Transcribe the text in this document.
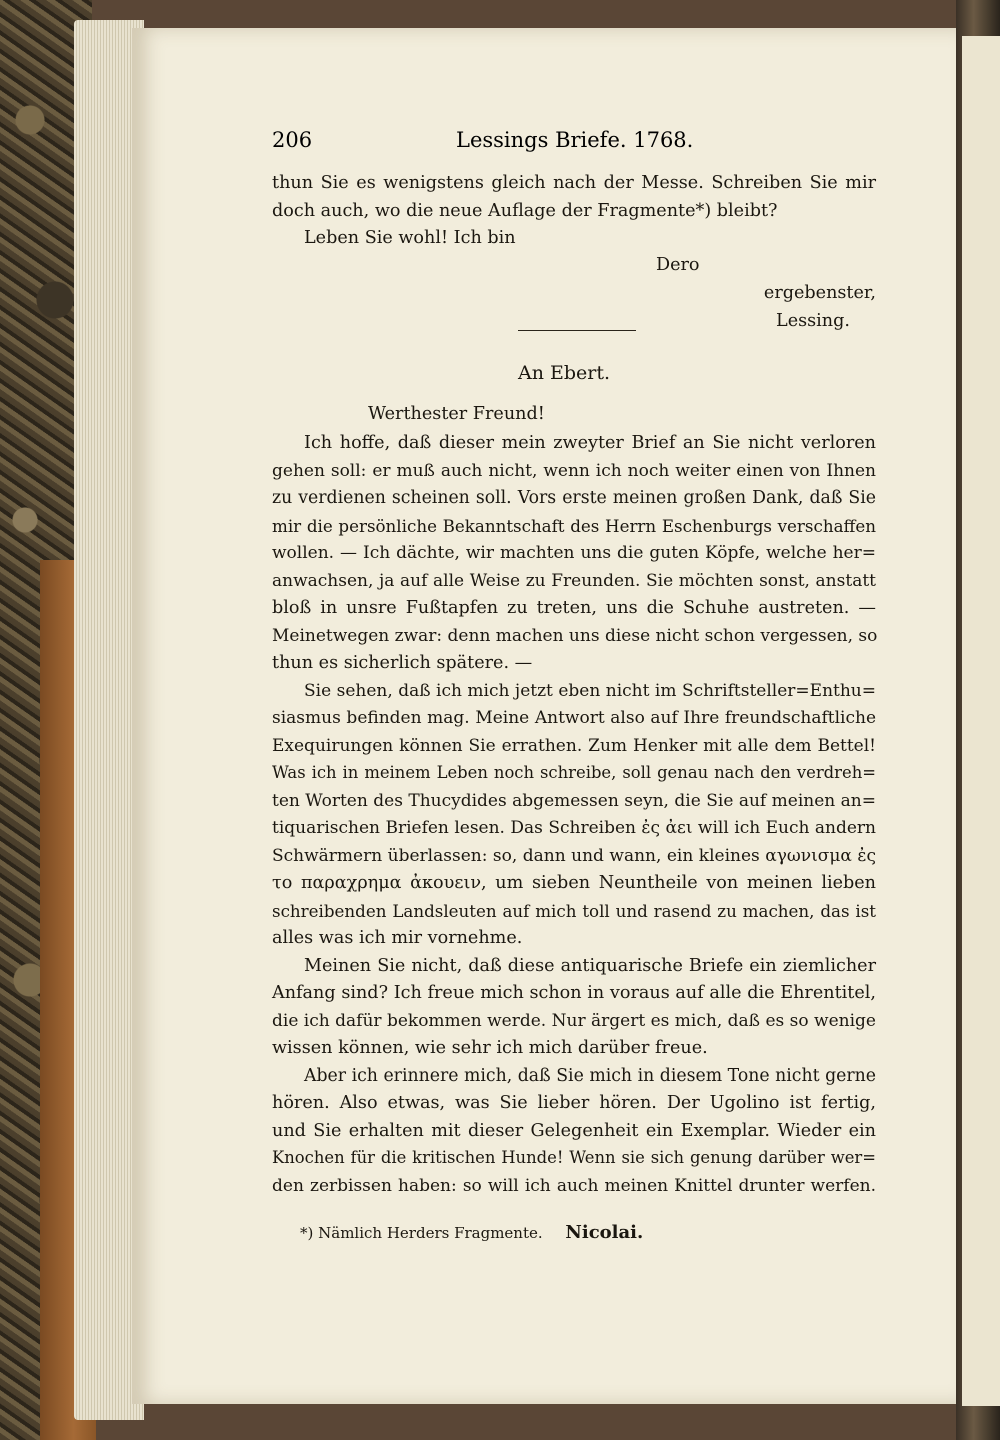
206	Lessings Briefe. 1768.
thun Sie es wenigstens gleich nach der Messe. Schreiben Sie mir
doch auch, wo die neue Auflage der Fragmente*) bleibt?
Leben Sie wohl! Ich bin
Dero
ergebenster,
Lessing.
An Ebert.
Werthester Freund!
Ich hoffe, daß dieser mein zweyter Brief an Sie nicht verloren
gehen soll: er muß auch nicht, wenn ich noch weiter einen von Ihnen
zu verdienen scheinen soll. Vors erste meinen großen Dank, daß Sie
mir die persönliche Bekanntschaft des Herrn Eschenburgs verschaffen
wollen. — Ich dächte, wir machten uns die guten Köpfe, welche her=
anwachsen, ja auf alle Weise zu Freunden. Sie möchten sonst, anstatt
bloß in unsre Fußtapfen zu treten, uns die Schuhe austreten. —
Meinetwegen zwar: denn machen uns diese nicht schon vergessen, so
thun es sicherlich spätere. —
Sie sehen, daß ich mich jetzt eben nicht im Schriftsteller=Enthu=
siasmus befinden mag. Meine Antwort also auf Ihre freundschaftliche
Exequirungen können Sie errathen. Zum Henker mit alle dem Bettel!
Was ich in meinem Leben noch schreibe, soll genau nach den verdreh=
ten Worten des Thucydides abgemessen seyn, die Sie auf meinen an=
tiquarischen Briefen lesen. Das Schreiben ἐς ἀει will ich Euch andern
Schwärmern überlassen: so, dann und wann, ein kleines αγωνισμα ἐς
το παραχρημα ἀκουειν, um sieben Neuntheile von meinen lieben
schreibenden Landsleuten auf mich toll und rasend zu machen, das ist
alles was ich mir vornehme.
Meinen Sie nicht, daß diese antiquarische Briefe ein ziemlicher
Anfang sind? Ich freue mich schon in voraus auf alle die Ehrentitel,
die ich dafür bekommen werde. Nur ärgert es mich, daß es so wenige
wissen können, wie sehr ich mich darüber freue.
Aber ich erinnere mich, daß Sie mich in diesem Tone nicht gerne
hören. Also etwas, was Sie lieber hören. Der Ugolino ist fertig,
und Sie erhalten mit dieser Gelegenheit ein Exemplar. Wieder ein
Knochen für die kritischen Hunde! Wenn sie sich genung darüber wer=
den zerbissen haben: so will ich auch meinen Knittel drunter werfen.
*) Nämlich Herders Fragmente. Nicolai.
